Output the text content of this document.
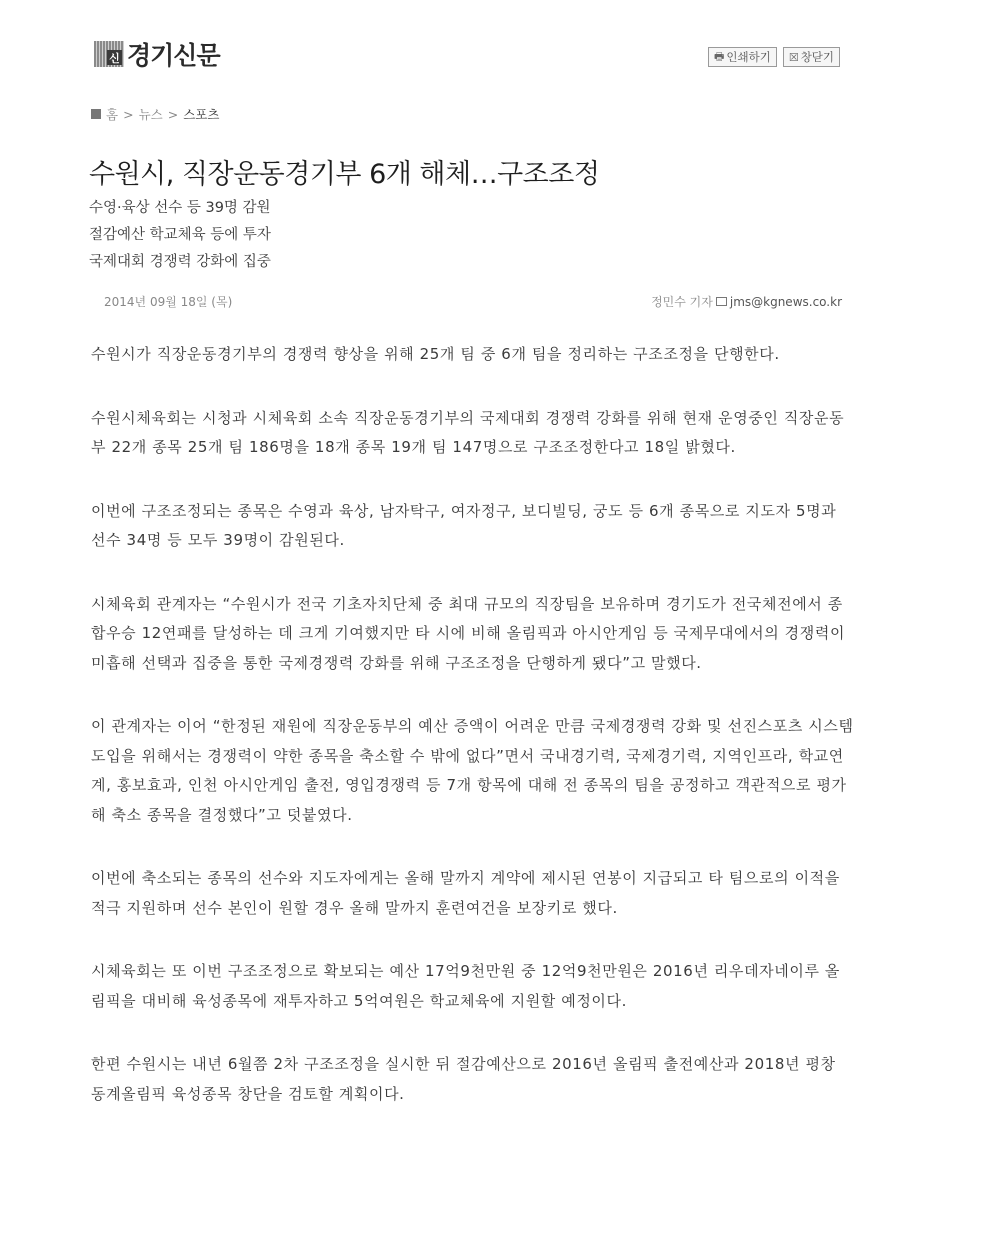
신 경기신문	🖶 인쇄하기 ☒ 창닫기
홈 > 뉴스 > 스포츠
수원시, 직장운동경기부 6개 해체…구조조정
수영·육상 선수 등 39명 감원
절감예산 학교체육 등에 투자
국제대회 경쟁력 강화에 집중
2014년 09월 18일 (목)	정민수 기자 jms@kgnews.co.kr

수원시가 직장운동경기부의 경쟁력 향상을 위해 25개 팀 중 6개 팀을 정리하는 구조조정을 단행한다.

수원시체육회는 시청과 시체육회 소속 직장운동경기부의 국제대회 경쟁력 강화를 위해 현재 운영중인 직장운동부 22개 종목 25개 팀 186명을 18개 종목 19개 팀 147명으로 구조조정한다고 18일 밝혔다.

이번에 구조조정되는 종목은 수영과 육상, 남자탁구, 여자정구, 보디빌딩, 궁도 등 6개 종목으로 지도자 5명과 선수 34명 등 모두 39명이 감원된다.

시체육회 관계자는 “수원시가 전국 기초자치단체 중 최대 규모의 직장팀을 보유하며 경기도가 전국체전에서 종합우승 12연패를 달성하는 데 크게 기여했지만 타 시에 비해 올림픽과 아시안게임 등 국제무대에서의 경쟁력이 미흡해 선택과 집중을 통한 국제경쟁력 강화를 위해 구조조정을 단행하게 됐다”고 말했다.

이 관계자는 이어 “한정된 재원에 직장운동부의 예산 증액이 어려운 만큼 국제경쟁력 강화 및 선진스포츠 시스템 도입을 위해서는 경쟁력이 약한 종목을 축소할 수 밖에 없다”면서 국내경기력, 국제경기력, 지역인프라, 학교연계, 홍보효과, 인천 아시안게임 출전, 영입경쟁력 등 7개 항목에 대해 전 종목의 팀을 공정하고 객관적으로 평가해 축소 종목을 결정했다”고 덧붙였다.

이번에 축소되는 종목의 선수와 지도자에게는 올해 말까지 계약에 제시된 연봉이 지급되고 타 팀으로의 이적을 적극 지원하며 선수 본인이 원할 경우 올해 말까지 훈련여건을 보장키로 했다.

시체육회는 또 이번 구조조정으로 확보되는 예산 17억9천만원 중 12억9천만원은 2016년 리우데자네이루 올림픽을 대비해 육성종목에 재투자하고 5억여원은 학교체육에 지원할 예정이다.

한편 수원시는 내년 6월쯤 2차 구조조정을 실시한 뒤 절감예산으로 2016년 올림픽 출전예산과 2018년 평창 동계올림픽 육성종목 창단을 검토할 계획이다.
